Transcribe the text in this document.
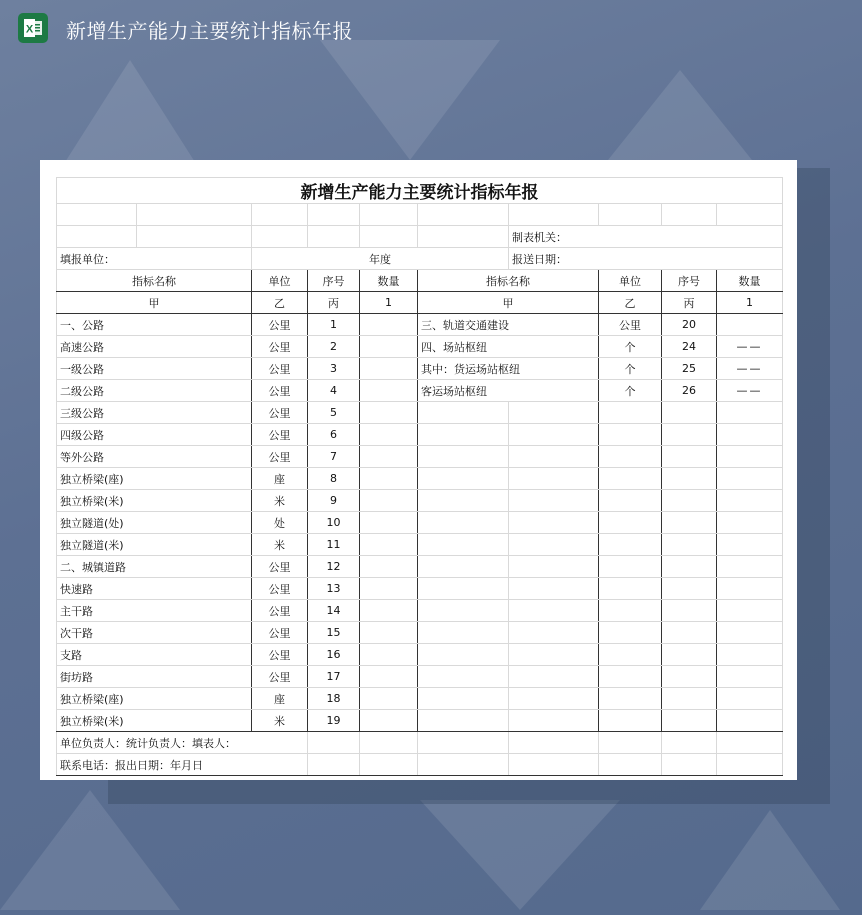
X 新增生产能力主要统计指标年报
新增生产能力主要统计指标年报									

						制表机关：			
填报单位：		年度				报送日期：			
指标名称		单位	序号	数量	指标名称		单位	序号	数量
甲		乙	丙	1	甲		乙	丙	1
一、公路		公里	1		三、轨道交通建设		公里	20	
高速公路		公里	2		四、场站枢纽		个	24	——
一级公路		公里	3		其中：货运场站枢纽		个	25	——
二级公路		公里	4		客运场站枢纽		个	26	——
三级公路		公里	5						
四级公路		公里	6						
等外公路		公里	7						
独立桥梁(座)		座	8						
独立桥梁(米)		米	9						
独立隧道(处)		处	10						
独立隧道(米)		米	11						
二、城镇道路		公里	12						
快速路		公里	13						
主干路		公里	14						
次干路		公里	15						
支路		公里	16						
街坊路		公里	17						
独立桥梁(座)		座	18						
独立桥梁(米)		米	19						
单位负责人：统计负责人：填表人：									
联系电话：报出日期：年月日									
